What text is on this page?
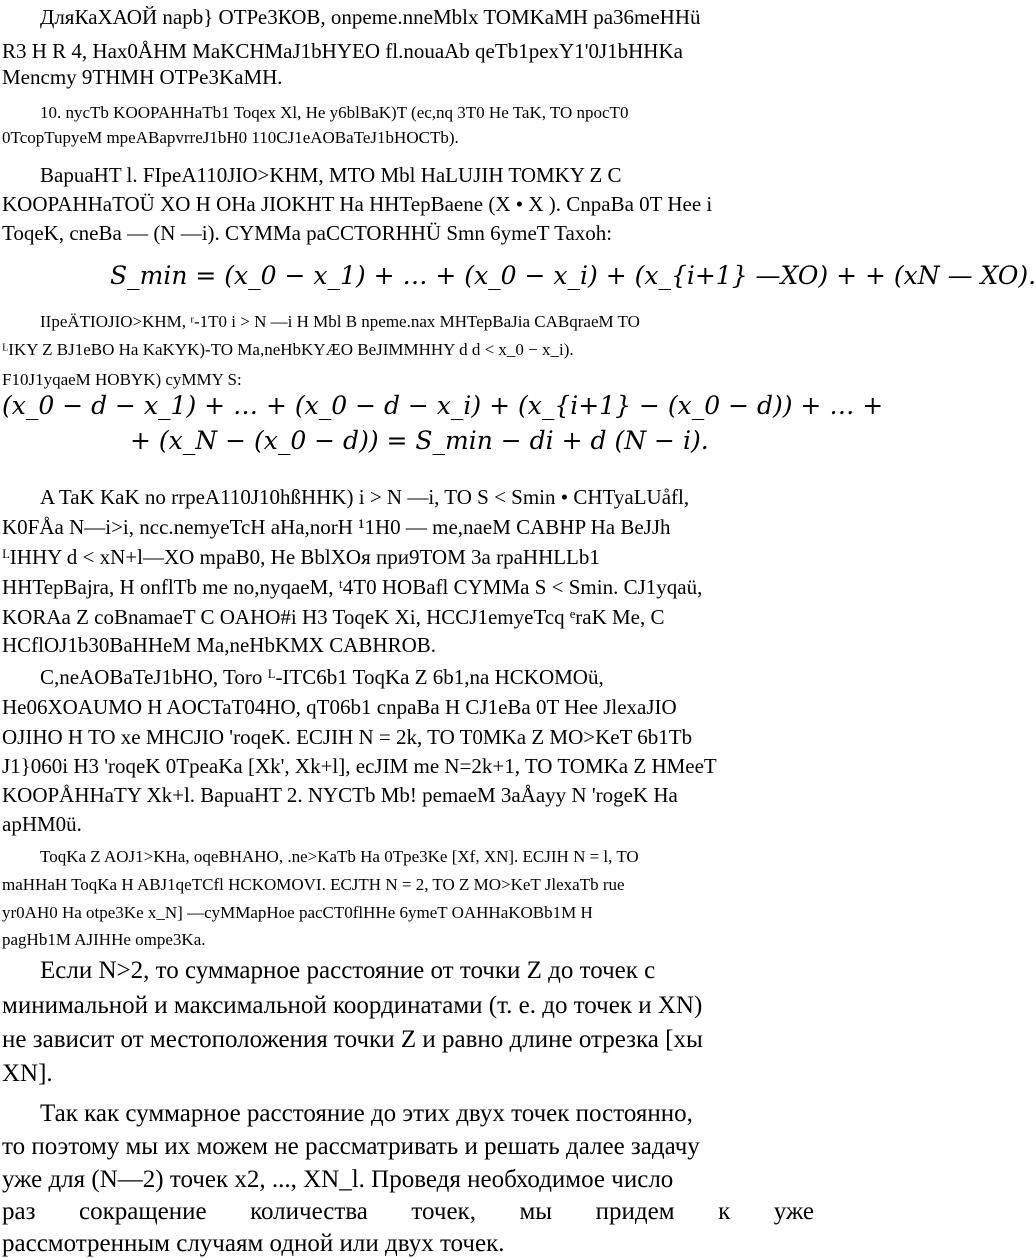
ДляКаХАОЙ napb} ОТРе3КОВ, onpeme.nneMblx TOMKaMH pa36meHHü
R3 H R 4, Hax0ÅHM MaKCHMaJ1bHYEO fl.nouaAb qeTb1pexY1'0J1bHHKa
Mencmy 9THMH OTPe3KaMH.
10. nycTb KOOPAHHaTb1 Toqex Xl, He y6blBaK)T (ec,nq 3T0 He TaK, TO npocT0
0TcopTupyeM mpeABapvrreJ1bH0 110CJ1eAOBaTeJ1bHOCTb).
BapuaHT l. FIpeA110JIO>KHM, MTO Mbl HaLUJIH TOMKY Z C
KOOPAHHaTOÜ XO H OHa JIOKHT Ha HHTepBaene (X • X ). CnpaBa 0T Hee i
ToqeK, cneBa — (N —i). CYMMa paCCTORHHÜ Smn 6ymeT Taxoh:
S_min = (x_0 − x_1) + … + (x_0 − x_i) + (x_{i+1} —XO) + + (xN — XO).
IIpeÄTIOJIO>KHM, ʳ-1T0 i > N —i H Mbl B npeme.nax MHTepBaJia CABqraeM TO
ᴸIKY Z BJ1eBO Ha KaKYK)-TO Ma,neHbKYÆO BeJIMMHHY d d < x_0 − x_i).
F10J1yqaeM HOBYK) cyMMY S:
(x_0 − d − x_1) + … + (x_0 − d − x_i) + (x_{i+1} − (x_0 − d)) + … +
+ (x_N − (x_0 − d)) = S_min − di + d (N − i).
A TaK KaK no rrpeA110J10hßHHK) i > N —i, TO S < Smin • CHTyaLUåfl,
K0FÅa N—i>i, ncc.nemyeTcH aHa,norH ¹1H0 — me,naeM CABHP Ha BeJJh
ᴸIHHY d < xN+l—XO mpaB0, He BblXOя при9TOM 3a rpaHHLLb1
HHTepBajra, H onflTb me no,nyqaeM, ᵗ4T0 HOBafl CYMMa S < Smin. CJ1yqaü,
KORAa Z coBnamaeT C OAHO#i H3 ToqeK Xi, HCCJ1emyeTcq ᵉraK Me, C
HCflOJ1b30BaHHeM Ma,neHbKMX CABHROB.
C,neAOBaTeJ1bHO, Toro ᴸ-ITC6b1 ToqKa Z 6b1,na HCKOMOü,
He06XOAUMO H AOCTaT04HO, qT06b1 cnpaBa H CJ1eBa 0T Hee JlexaJIO
OJIHO H TO xe MHCJIO 'roqeK. ECJIH N = 2k, TO T0MKa Z MO>KeT 6b1Tb
J1}060i H3 'roqeK 0TpeaKa [Xk', Xk+l], ecJIM me N=2k+1, TO TOMKa Z HMeeT
KOOPÅHHaTY Xk+l. BapuaHT 2. NYCTb Mb! pemaeM 3aÅayy N 'rogeK Ha
apHM0ü.
ToqKa Z AOJ1>KHa, oqeBHAHO, .ne>KaTb Ha 0Tpe3Ke [Xf, XN]. ECJIH N = l, TO
maHHaH ToqKa H ABJ1qeTCfl HCKOMOVI. ECJTH N = 2, TO Z MO>KeT JlexaTb rue
yr0AH0 Ha otpe3Ke x_N] —cyMMapHoe pacCT0flHHe 6ymeT OAHHaKOBb1M H
pagHb1M AJIHHe ompe3Ka.
Если N>2, то суммарное расстояние от точки Z до точек с
минимальной и максимальной координатами (т. е. до точек и XN)
не зависит от местоположения точки Z и равно длине отрезка [xы
XN].
Так как суммарное расстояние до этих двух точек постоянно,
то поэтому мы их можем не рассматривать и решать далее задачу
уже для (N—2) точек x2, ..., XN_l. Проведя необходимое число
раз сокращение количества точек, мы придем к уже
рассмотренным случаям одной или двух точек.
